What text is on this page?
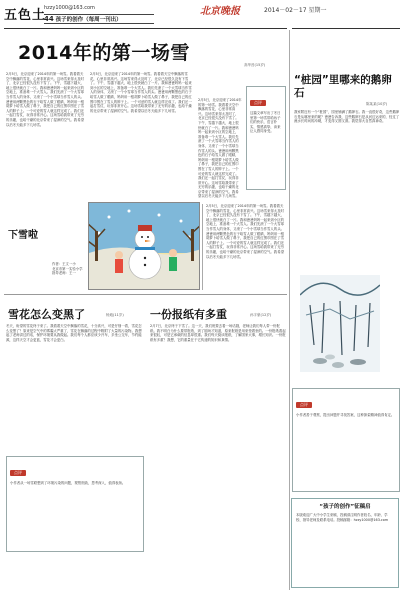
五色土
hzzy1000@163.com
44 孩子的创作（每周一刊出）
北京晚报	2014－02－17 星期一
2014年的第一场雪
高华晋(15岁)
2月5日，北京迎来了2014年的第一场雪。我看着天空中飘落的雪花，心里非常高兴。这场雪来得太及时了，北京已经很久没有下雪了。下午，雪越下越大，地上很快就白了一片。我和爸爸妈妈一起来到小区的空地上，准备堆一个大雪人。我们先滚了一个大雪球当作雪人的身体，又滚了一个小雪球当作雪人的头。爸爸用两颗黑色的石子给雪人做了眼睛，妈妈用一根胡萝卜给雪人做了鼻子，我把自己的红围巾围在了雪人的脖子上。一个可爱的雪人就这样完成了。我们还一起打雪仗，玩得非常开心。这场雪给我带来了无穷的乐趣，也给干燥的北京带来了湿润的空气。我希望以后冬天能多下几场雪。
2月5日，北京迎来了2014年的第一场雪。我看着天空中飘落的雪花，心里非常高兴。这场雪来得太及时了，北京已经很久没有下雪了。下午，雪越下越大，地上很快就白了一片。我和爸爸妈妈一起来到小区的空地上，准备堆一个大雪人。我们先滚了一个大雪球当作雪人的身体，又滚了一个小雪球当作雪人的头。爸爸用两颗黑色的石子给雪人做了眼睛，妈妈用一根胡萝卜给雪人做了鼻子，我把自己的红围巾围在了雪人的脖子上。一个可爱的雪人就这样完成了。我们还一起打雪仗，玩得非常开心。这场雪给我带来了无穷的乐趣，也给干燥的北京带来了湿润的空气。我希望以后冬天能多下几场雪。
2月5日，北京迎来了2014年的第一场雪。我看着天空中飘落的雪花，心里非常高兴。这场雪来得太及时了，北京已经很久没有下雪了。下午，雪越下越大，地上很快就白了一片。我和爸爸妈妈一起来到小区的空地上，准备堆一个大雪人。我们先滚了一个大雪球当作雪人的身体，又滚了一个小雪球当作雪人的头。爸爸用两颗黑色的石子给雪人做了眼睛，妈妈用一根胡萝卜给雪人做了鼻子，我把自己的红围巾围在了雪人的脖子上。一个可爱的雪人就这样完成了。我们还一起打雪仗，玩得非常开心。这场雪给我带来了无穷的乐趣，也给干燥的北京带来了湿润的空气。我希望以后冬天能多下几场雪。
点评
这篇文章写出了冬日里第一场雪带给孩子们的快乐，语言朴实，情感真挚，读来让人感同身受。
下雪啦
作者：王文一小
北京市第一实验小学
指导老师：王一
2月5日，北京迎来了2014年的第一场雪。我看着天空中飘落的雪花，心里非常高兴。这场雪来得太及时了，北京已经很久没有下雪了。下午，雪越下越大，地上很快就白了一片。我和爸爸妈妈一起来到小区的空地上，准备堆一个大雪人。我们先滚了一个大雪球当作雪人的身体，又滚了一个小雪球当作雪人的头。爸爸用两颗黑色的石子给雪人做了眼睛，妈妈用一根胡萝卜给雪人做了鼻子，我把自己的红围巾围在了雪人的脖子上。一个可爱的雪人就这样完成了。我们还一起打雪仗，玩得非常开心。这场雪给我带来了无穷的乐趣，也给干燥的北京带来了湿润的空气。我希望以后冬天能多下几场雪。
雪花怎么变黑了	杨迪(11岁)
冬天，盼望的雪花终于来了。我看着天空中飘落的雪花，十分高兴，可是仔细一看，雪花怎么变黑了？原来是空气中的雾霾太严重了，雪花在飘落的过程中吸附了大量的污染物。我想起了老师讲过的话，保护环境要从我做起。我们每个人都应该少开车，多坐公交车，节约能源，这样天空才会更蓝，雪花才会更白。
点评
小作者从一场雪联想到了环境污染的问题，观察细致，思考深入，值得表扬。
一份报纸有多重	孙宇豪(12岁)
2月7日，北京终于下雪了。这一天，我们班要去看一场话剧，老师让我们每人带一份报纸。我不明白为什么要带报纸，到了剧场才知道，原来报纸是用来垫着坐的。一份报纸看起来很轻，可是它承载的信息却很重。我们每天阅读报纸，了解国家大事，增长知识。一份报纸有多重？我想，它的重量在于它传递的知识和真情。
“桩园”里哪来的鹅卵石
陈某某(10岁)
我家附近有一个“桩园”，园里铺满了鹅卵石。我一直很好奇，这些鹅卵石是从哪里来的呢？爸爸告诉我，这些鹅卵石是从河边运来的，经过了流水长时间的冲刷，才变得又圆又滑。我觉得大自然真神奇。
点评
小作者善于观察，提出问题并寻找答案，这种探索精神值得肯定。
“孩子的创作”征稿启
本版欢迎广大中小学生来稿，投稿请注明作者姓名、年龄、学校、指导老师及联系电话。投稿邮箱：hzzy1000@163.com
